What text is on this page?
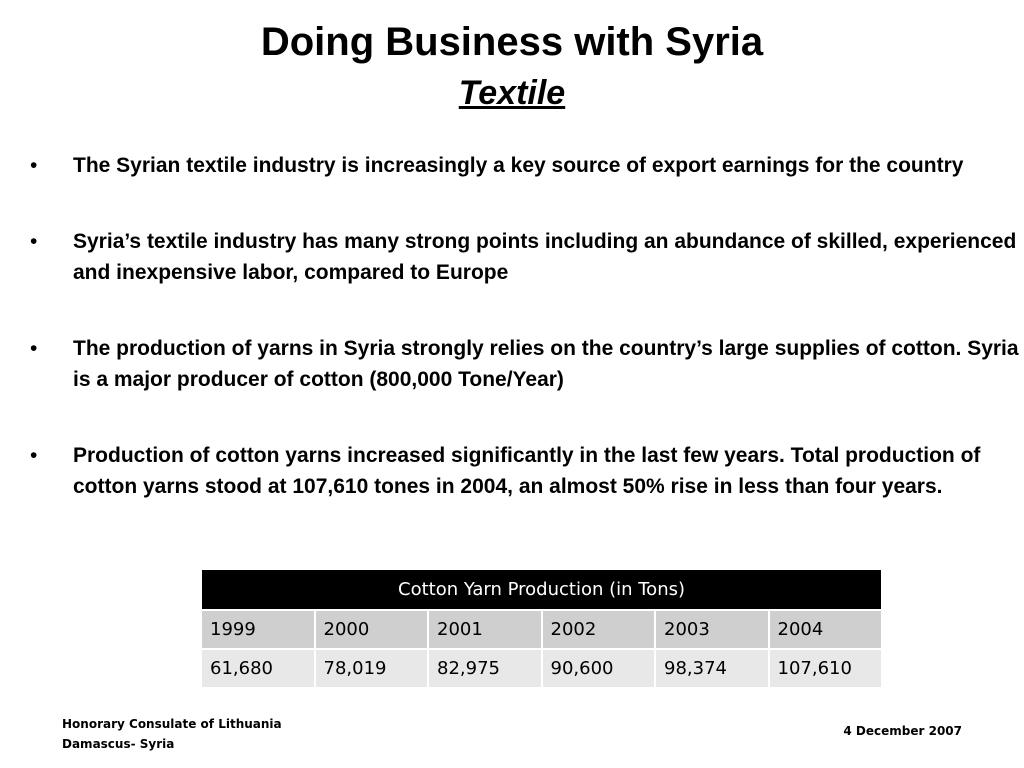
Doing Business with Syria
Textile
•	The Syrian textile industry is increasingly a key source of export earnings for the country
•	Syria’s textile industry has many strong points including an abundance of skilled, experienced and inexpensive labor, compared to Europe
•	The production of yarns in Syria strongly relies on the country’s large supplies of cotton. Syria is a major producer of cotton (800,000 Tone/Year)
•	Production of cotton yarns increased significantly in the last few years. Total production of cotton yarns stood at 107,610 tones in 2004, an almost 50% rise in less than four years.
Cotton Yarn Production (in Tons)					
1999	2000	2001	2002	2003	2004
61,680	78,019	82,975	90,600	98,374	107,610
Honorary Consulate of Lithuania
Damascus- Syria
4 December 2007
